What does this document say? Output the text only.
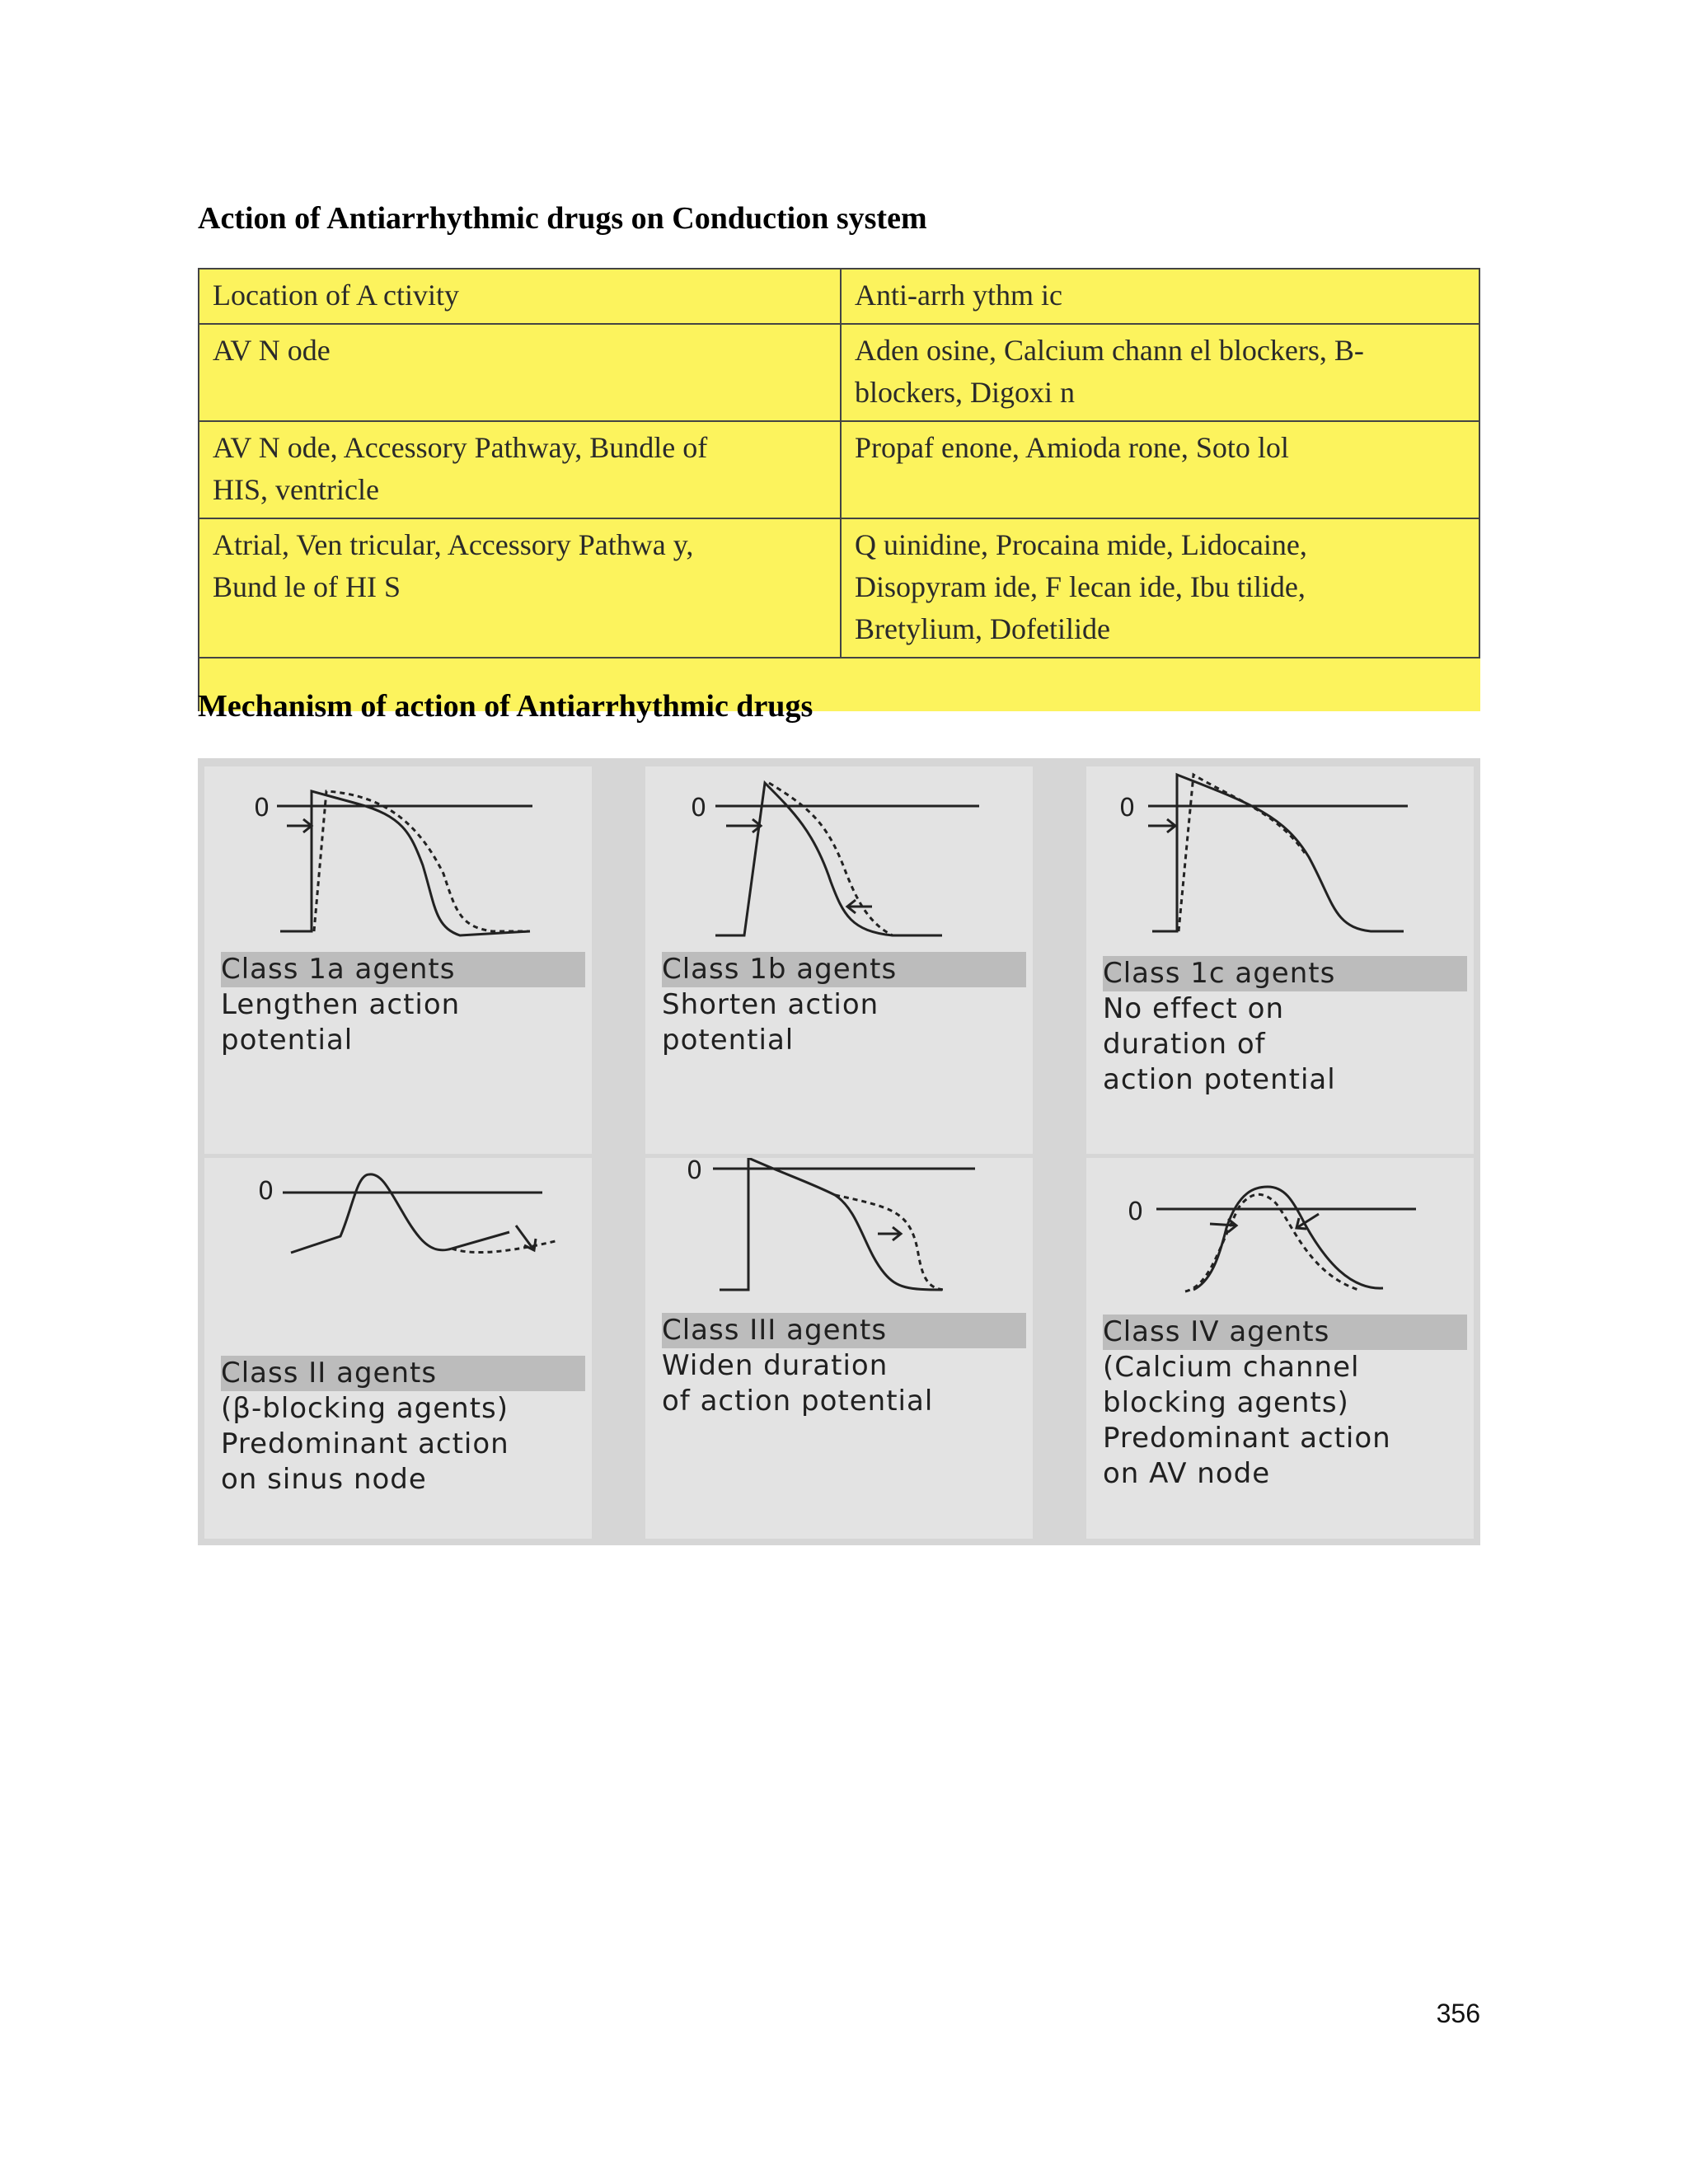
Action of Antiarrhythmic drugs on Conduction system
Location of A ctivity	Anti-arrh ythm ic
AV N ode	Aden osine, Calcium chann el blockers, B-
blockers, Digoxi n
AV N ode, Accessory Pathway, Bundle of
HIS, ventricle	Propaf enone, Amioda rone, Soto lol
Atrial, Ven tricular, Accessory Pathwa y,
Bund le of HI S	Q uinidine, Procaina mide, Lidocaine,
Disopyram ide, F lecan ide, Ibu tilide,
Bretylium, Dofetilide

Mechanism of action of Antiarrhythmic drugs
0
Class 1a agents
Lengthen action
potential
0
Class 1b agents
Shorten action
potential
0
Class 1c agents
No effect on
duration of
action potential
0
Class II agents
(β-blocking agents)
Predominant action
on sinus node
0
Class III agents
Widen duration
of action potential
0
Class IV agents
(Calcium channel
blocking agents)
Predominant action
on AV node
356
